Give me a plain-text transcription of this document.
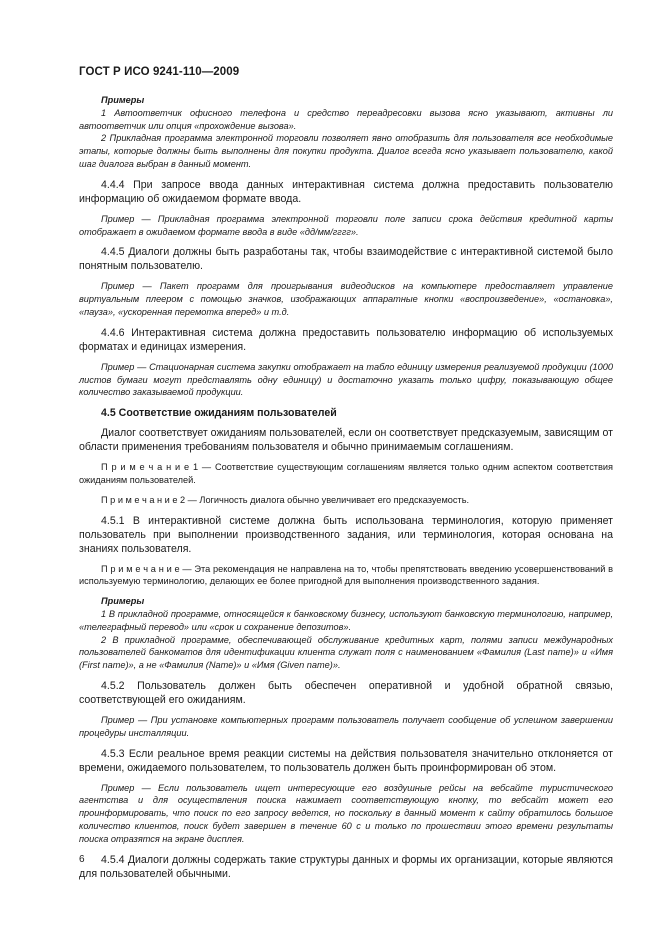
ГОСТ Р ИСО 9241-110—2009

Примеры

1 Автоответчик офисного телефона и средство переадресовки вызова ясно указывают, активны ли автоответчик или опция «прохождение вызова».

2 Прикладная программа электронной торговли позволяет явно отобразить для пользователя все необходимые этапы, которые должны быть выполнены для покупки продукта. Диалог всегда ясно указывает пользователю, какой шаг диалога выбран в данный момент.

4.4.4 При запросе ввода данных интерактивная система должна предоставить пользователю информацию об ожидаемом формате ввода.

Пример — Прикладная программа электронной торговли поле записи срока действия кредитной карты отображает в ожидаемом формате ввода в виде «дд/мм/гггг».

4.4.5 Диалоги должны быть разработаны так, чтобы взаимодействие с интерактивной системой было понятным пользователю.

Пример — Пакет программ для проигрывания видеодисков на компьютере предоставляет управление виртуальным плеером с помощью значков, изображающих аппаратные кнопки «воспроизведение», «остановка», «пауза», «ускоренная перемотка вперед» и т.д.

4.4.6 Интерактивная система должна предоставить пользователю информацию об используемых форматах и единицах измерения.

Пример — Стационарная система закупки отображает на табло единицу измерения реализуемой продукции (1000 листов бумаги могут представлять одну единицу) и достаточно указать только цифру, показывающую общее количество заказываемой продукции.

4.5 Соответствие ожиданиям пользователей

Диалог соответствует ожиданиям пользователей, если он соответствует предсказуемым, зависящим от области применения требованиям пользователя и обычно принимаемым соглашениям.

П р и м е ч а н и е 1 — Соответствие существующим соглашениям является только одним аспектом соответствия ожиданиям пользователей.

П р и м е ч а н и е 2 — Логичность диалога обычно увеличивает его предсказуемость.

4.5.1 В интерактивной системе должна быть использована терминология, которую применяет пользователь при выполнении производственного задания, или терминология, которая основана на знаниях пользователя.

П р и м е ч а н и е — Эта рекомендация не направлена на то, чтобы препятствовать введению усовершенствований в используемую терминологию, делающих ее более пригодной для выполнения производственного задания.

Примеры

1 В прикладной программе, относящейся к банковскому бизнесу, используют банковскую терминологию, например, «телеграфный перевод» или «срок и сохранение депозитов».

2 В прикладной программе, обеспечивающей обслуживание кредитных карт, полями записи международных пользователей банкоматов для идентификации клиента служат поля с наименованием «Фамилия (Last name)» и «Имя (First name)», а не «Фамилия (Name)» и «Имя (Given name)».

4.5.2 Пользователь должен быть обеспечен оперативной и удобной обратной связью, соответствующей его ожиданиям.

Пример — При установке компьютерных программ пользователь получает сообщение об успешном завершении процедуры инсталляции.

4.5.3 Если реальное время реакции системы на действия пользователя значительно отклоняется от времени, ожидаемого пользователем, то пользователь должен быть проинформирован об этом.

Пример — Если пользователь ищет интересующие его воздушные рейсы на вебсайте туристического агентства и для осуществления поиска нажимает соответствующую кнопку, то вебсайт может его проинформировать, что поиск по его запросу ведется, но поскольку в данный момент к сайту обратилось большое количество клиентов, поиск будет завершен в течение 60 с и только по прошествии этого времени результаты поиска отразятся на экране дисплея.

4.5.4 Диалоги должны содержать такие структуры данных и формы их организации, которые являются для пользователей обычными.

6
